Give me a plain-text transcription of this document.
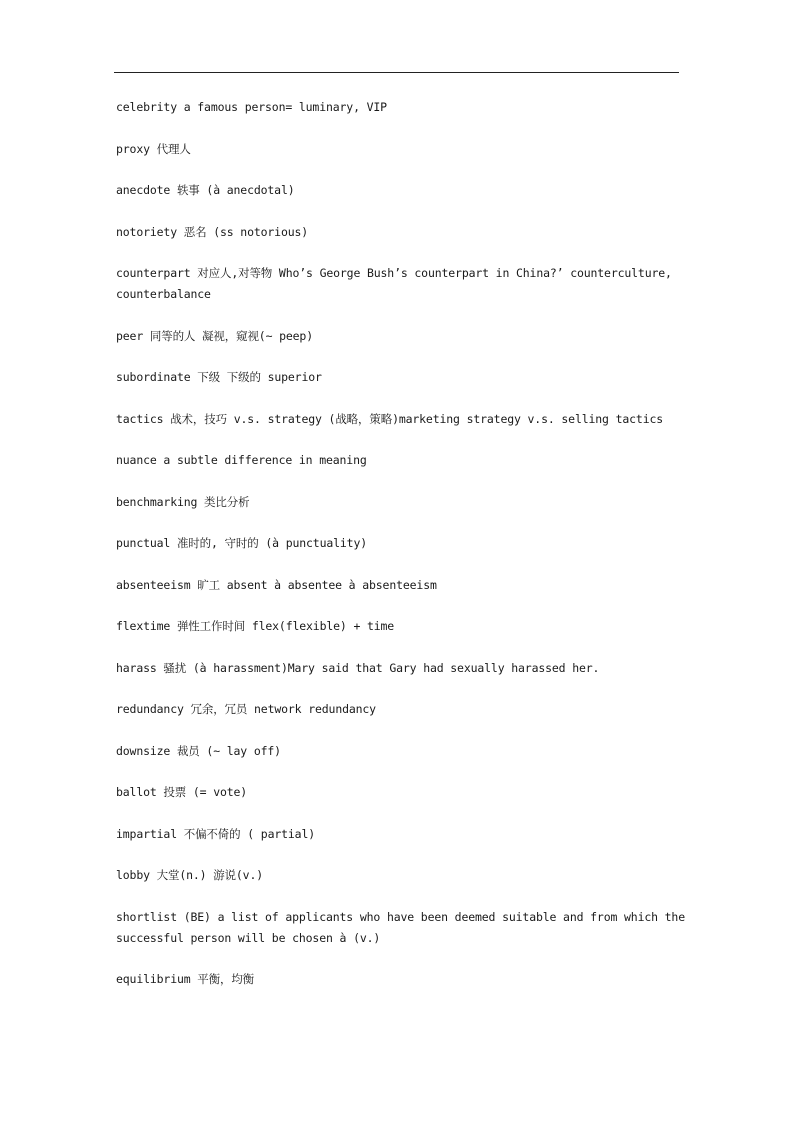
celebrity a famous person= luminary, VIP
proxy 代理人
anecdote 轶事 (à anecdotal)
notoriety 恶名 (ss notorious)
counterpart 对应人,对等物 Who’s George Bush’s counterpart in China?’ counterculture, counterbalance
peer 同等的人 凝视，窥视(~ peep)
subordinate 下级 下级的 superior
tactics 战术，技巧 v.s. strategy (战略，策略)marketing strategy v.s. selling tactics
nuance a subtle difference in meaning
benchmarking 类比分析
punctual 准时的, 守时的 (à punctuality)
absenteeism 旷工 absent à absentee à absenteeism
flextime 弹性工作时间 flex(flexible) + time
harass 骚扰 (à harassment)Mary said that Gary had sexually harassed her.
redundancy 冗余，冗员 network redundancy
downsize 裁员 (~ lay off)
ballot 投票 (= vote)
impartial 不偏不倚的 ( partial)
lobby 大堂(n.) 游说(v.)
shortlist (BE) a list of applicants who have been deemed suitable and from which the successful person will be chosen à (v.)
equilibrium 平衡，均衡
